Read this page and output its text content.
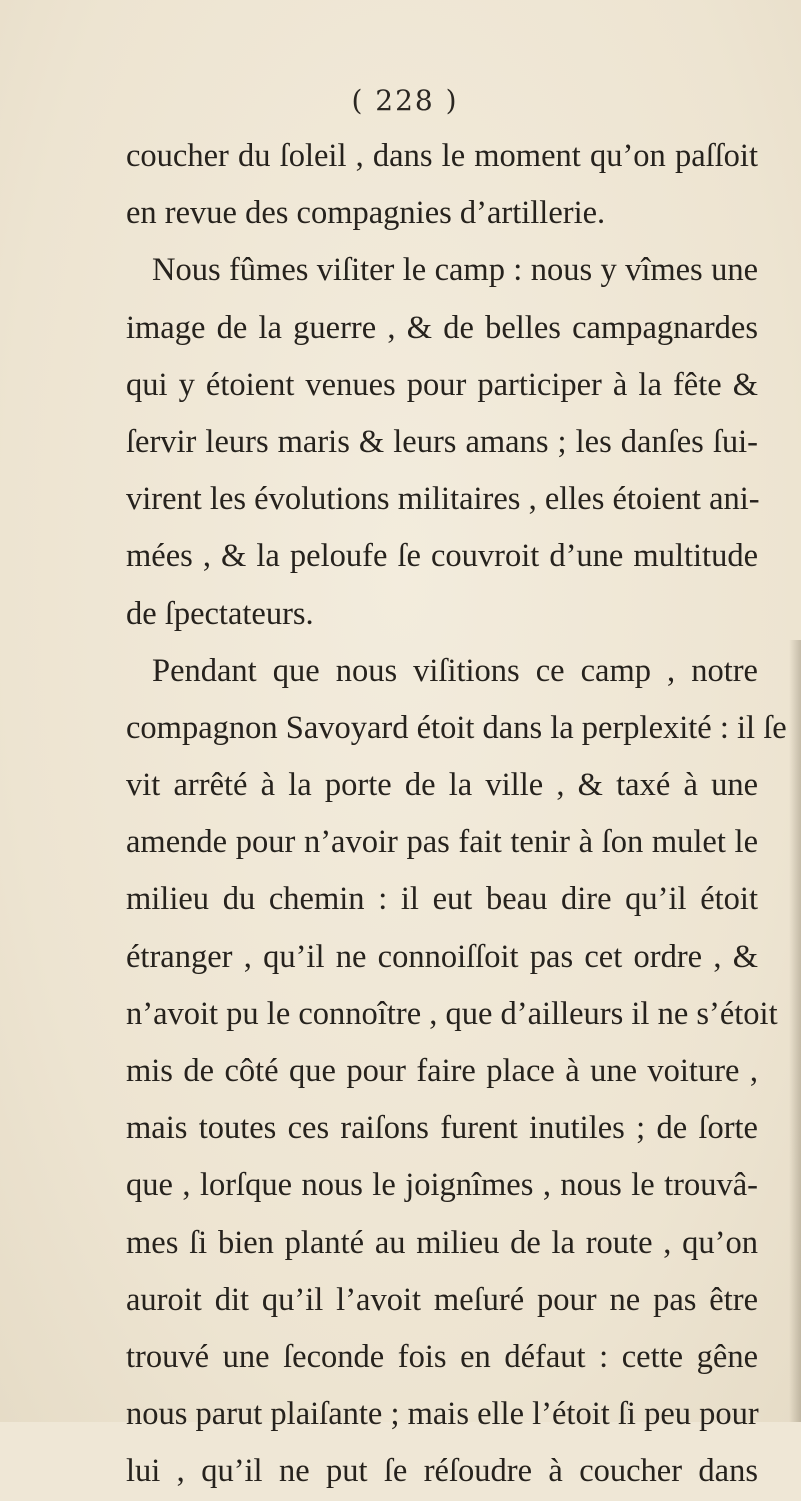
( 228 )
coucher du ſoleil , dans le moment qu’on paſſoit
en revue des compagnies d’artillerie.
Nous fûmes viſiter le camp : nous y vîmes une
image de la guerre , & de belles campagnardes
qui y étoient venues pour participer à la fête &
ſervir leurs maris & leurs amans ; les danſes ſui-
virent les évolutions militaires , elles étoient ani-
mées , & la peloufe ſe couvroit d’une multitude
de ſpectateurs.
Pendant que nous viſitions ce camp , notre
compagnon Savoyard étoit dans la perplexité : il ſe
vit arrêté à la porte de la ville , & taxé à une
amende pour n’avoir pas fait tenir à ſon mulet le
milieu du chemin : il eut beau dire qu’il étoit
étranger , qu’il ne connoiſſoit pas cet ordre , &
n’avoit pu le connoître , que d’ailleurs il ne s’étoit
mis de côté que pour faire place à une voiture ,
mais toutes ces raiſons furent inutiles ; de ſorte
que , lorſque nous le joignîmes , nous le trouvâ-
mes ſi bien planté au milieu de la route , qu’on
auroit dit qu’il l’avoit meſuré pour ne pas être
trouvé une ſeconde fois en défaut : cette gêne
nous parut plaiſante ; mais elle l’étoit ſi peu pour
lui , qu’il ne put ſe réſoudre à coucher dans
